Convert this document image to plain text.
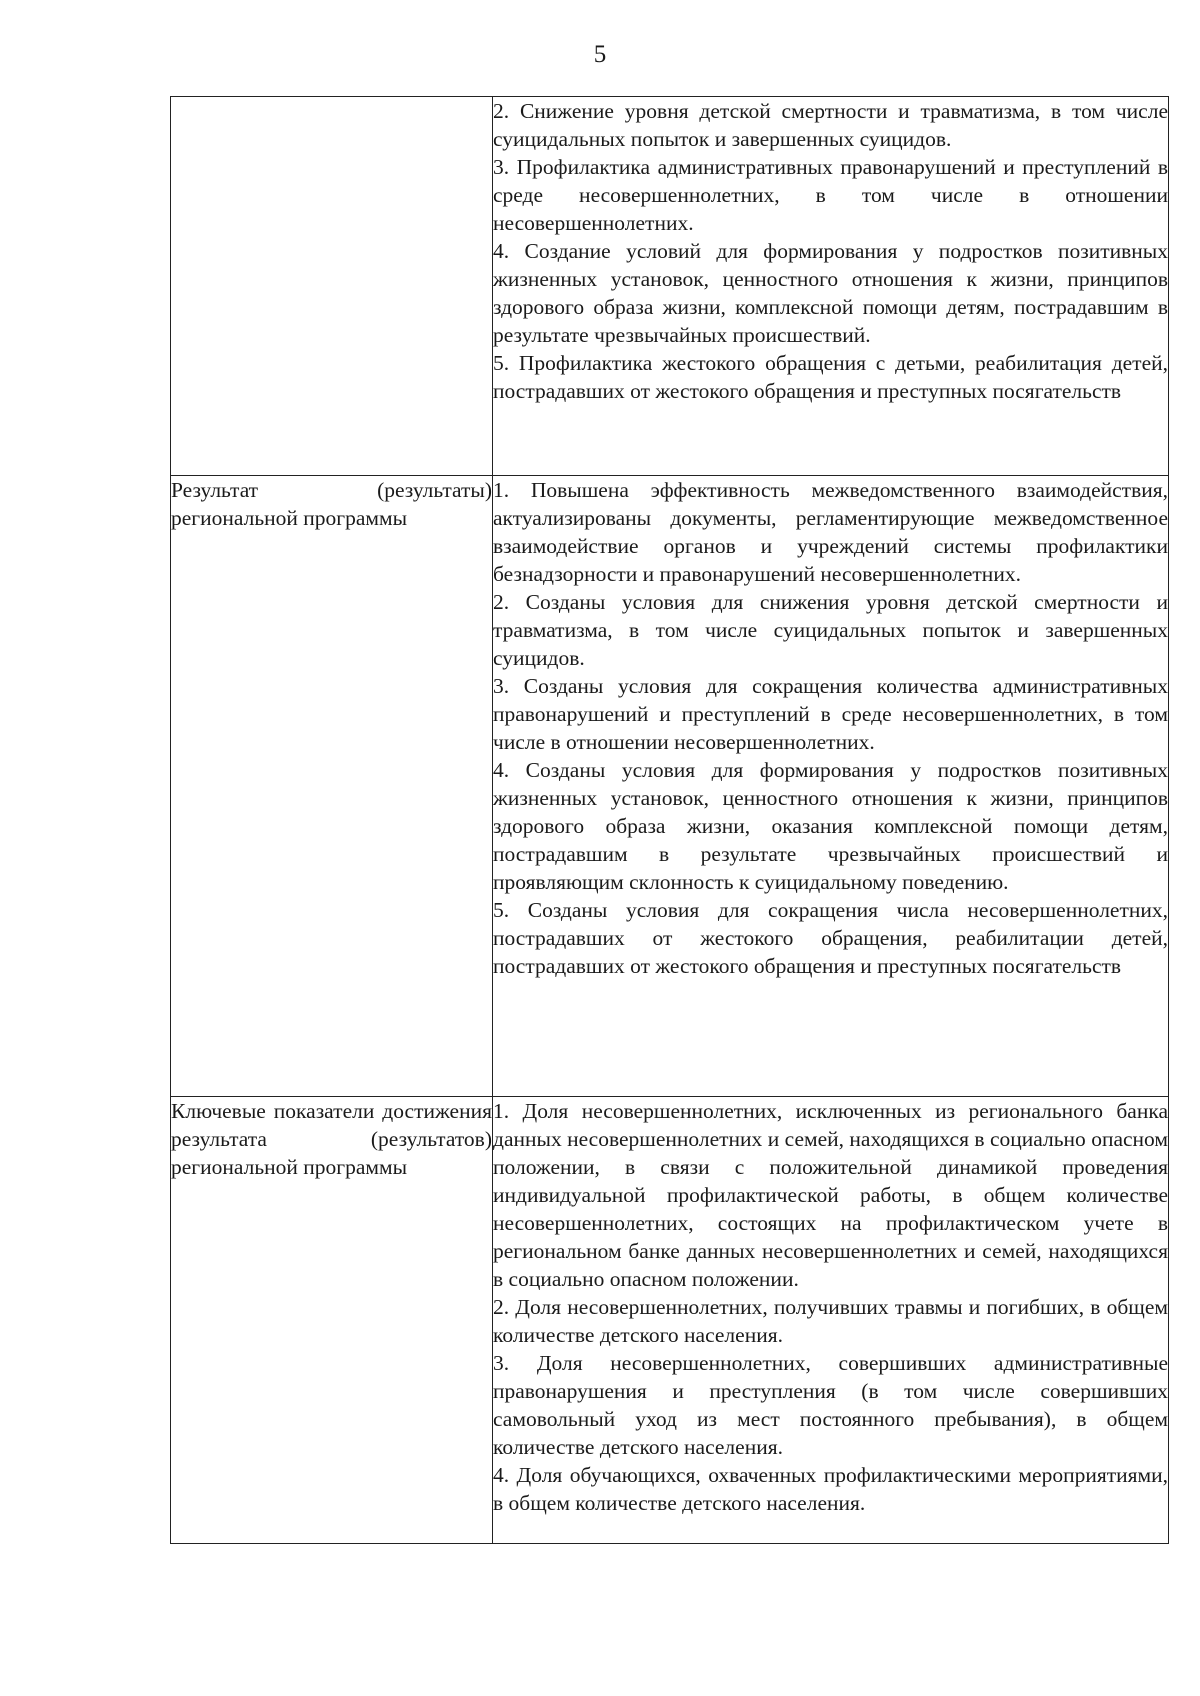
5

	2. Снижение уровня детской смертности и травматизма, в том числе суицидальных попыток и завершенных суицидов.

3. Профилактика административных правонарушений и преступлений в среде несовершеннолетних, в том числе в отношении несовершеннолетних.

4. Создание условий для формирования у подростков позитивных жизненных установок, ценностного отношения к жизни, принципов здорового образа жизни, комплексной помощи детям, пострадавшим в результате чрезвычайных происшествий.

5. Профилактика жестокого обращения с детьми, реабилитация детей, пострадавших от жестокого обращения и преступных посягательств

Результат (результаты) региональной программы	1. Повышена эффективность межведомственного взаимодействия, актуализированы документы, регламентирующие межведомственное взаимодействие органов и учреждений системы профилактики безнадзорности и правонарушений несовершеннолетних.

2. Созданы условия для снижения уровня детской смертности и травматизма, в том числе суицидальных попыток и завершенных суицидов.

3. Созданы условия для сокращения количества административных правонарушений и преступлений в среде несовершеннолетних, в том числе в отношении несовершеннолетних.

4. Созданы условия для формирования у подростков позитивных жизненных установок, ценностного отношения к жизни, принципов здорового образа жизни, оказания комплексной помощи детям, пострадавшим в результате чрезвычайных происшествий и проявляющим склонность к суицидальному поведению.

5. Созданы условия для сокращения числа несовершеннолетних, пострадавших от жестокого обращения, реабилитации детей, пострадавших от жестокого обращения и преступных посягательств

Ключевые показатели достижения результата (результатов) региональной программы	1. Доля несовершеннолетних, исключенных из регионального банка данных несовершеннолетних и семей, находящихся в социально опасном положении, в связи с положительной динамикой проведения индивидуальной профилактической работы, в общем количестве несовершеннолетних, состоящих на профилактическом учете в региональном банке данных несовершеннолетних и семей, находящихся в социально опасном положении.

2. Доля несовершеннолетних, получивших травмы и погибших, в общем количестве детского населения.

3. Доля несовершеннолетних, совершивших административные правонарушения и преступления (в том числе совершивших самовольный уход из мест постоянного пребывания), в общем количестве детского населения.

4. Доля обучающихся, охваченных профилактическими мероприятиями, в общем количестве детского населения.
